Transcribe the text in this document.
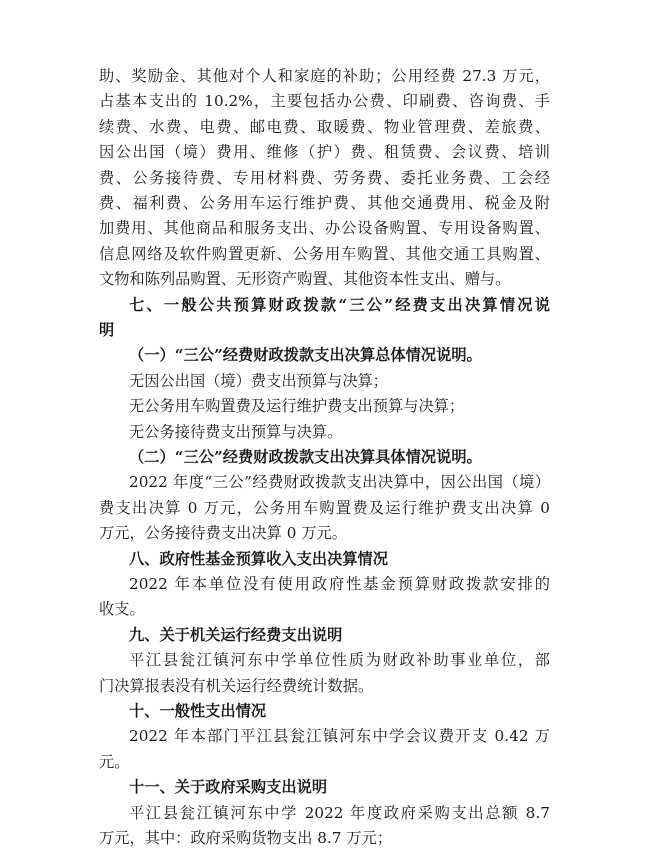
助、奖励金、其他对个人和家庭的补助；公用经费 27.3 万元，
占基本支出的 10.2%，主要包括办公费、印刷费、咨询费、手
续费、水费、电费、邮电费、取暖费、物业管理费、差旅费、
因公出国（境）费用、维修（护）费、租赁费、会议费、培训
费、公务接待费、专用材料费、劳务费、委托业务费、工会经
费、福利费、公务用车运行维护费、其他交通费用、税金及附
加费用、其他商品和服务支出、办公设备购置、专用设备购置、
信息网络及软件购置更新、公务用车购置、其他交通工具购置、
文物和陈列品购置、无形资产购置、其他资本性支出、赠与。
七、一般公共预算财政拨款“三公”经费支出决算情况说
明
（一）“三公”经费财政拨款支出决算总体情况说明。
无因公出国（境）费支出预算与决算；
无公务用车购置费及运行维护费支出预算与决算；
无公务接待费支出预算与决算。
（二）“三公”经费财政拨款支出决算具体情况说明。
2022 年度“三公”经费财政拨款支出决算中，因公出国（境）
费支出决算 0 万元，公务用车购置费及运行维护费支出决算 0
万元，公务接待费支出决算 0 万元。
八、政府性基金预算收入支出决算情况
2022 年本单位没有使用政府性基金预算财政拨款安排的
收支。
九、关于机关运行经费支出说明
平江县瓮江镇河东中学单位性质为财政补助事业单位，部
门决算报表没有机关运行经费统计数据。
十、一般性支出情况
2022 年本部门平江县瓮江镇河东中学会议费开支 0.42 万
元。
十一、关于政府采购支出说明
平江县瓮江镇河东中学 2022 年度政府采购支出总额 8.7
万元，其中：政府采购货物支出 8.7 万元；
